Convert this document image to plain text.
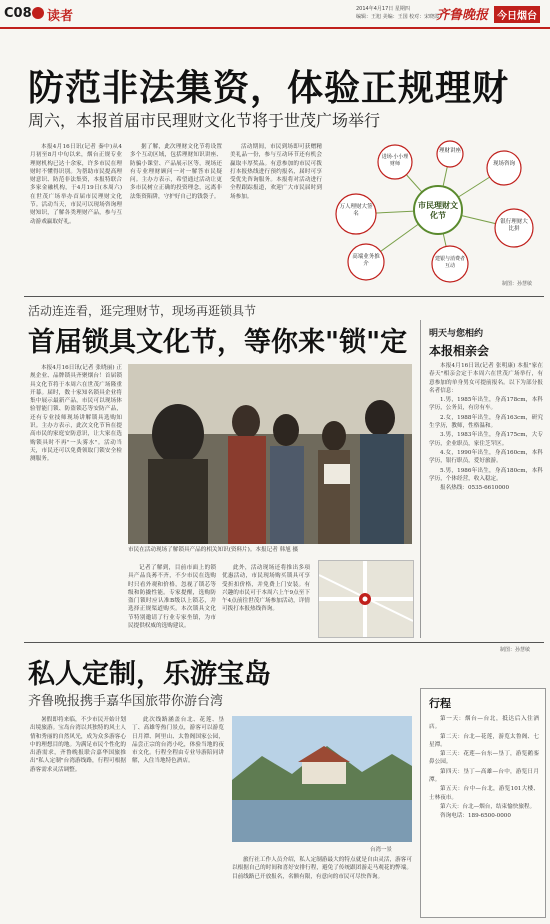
C08 读者	2014年4月17日 星期四
编辑：王旭 美编：王国 校对：宋晓霞
齐鲁晚报 今日烟台
防范非法集资，体验正规理财
周六，本报首届市民理财文化节将于世茂广场举行

本报4月16日讯(记者 秦中)从4月初至8月中旬以来，烟台正规专业理财机构已达十余家，许多市民在理财时不懂得识别。为帮助市民提高理财意识、防范非法集资，本报特联合多家金融机构，于4月19日(本周六)在世茂广场举办首届市民理财文化节。活动当天，市民可以现场咨询理财知识，了解各类理财产品，参与互动游戏赢取好礼。

据了解，此次理财文化节将设置多个互动区域，包括理财知识讲座、防骗小课堂、产品展示区等，现场还有专业理财顾问一对一解答市民疑问。主办方表示，希望通过活动让更多市民树立正确的投资理念，远离非法集资陷阱，守护好自己的钱袋子。

活动期间，市民到场即可获赠精美礼品一份，参与互动环节还有机会赢取丰厚奖品。有意参加的市民可拨打本报热线进行预约报名，届时可享受优先咨询服务。本报将对活动进行全程跟踪报道，欢迎广大市民届时到场参加。

市民理财文化节
进场·小小理财师
理财讲座
现场咨询
万人理财大签名
高端业务推介
银行理财大比拼
建银与消费者互动
制图：孙慧敏
活动连连看，逛完理财节，现场再逛锁具节
首届锁具文化节，等你来"锁"定

本报4月16日讯(记者 张晓丽) 正规企业、品牌锁具齐聚烟台！首届锁具文化节将于本周六在世茂广场隆重开幕。届时，数十家知名锁具企业将集中展示最新产品，市民可以现场体验智能门锁、防盗锁芯等安防产品，还有专业技师现场讲解锁具选购知识。主办方表示，此次文化节旨在提高市民的家庭安防意识，让大家在选购锁具时不再"一头雾水"。活动当天，市民还可以免费领取门锁安全检测服务。

市民在活动现场了解锁具产品的相关知识(资料片)。本报记者 韩旭 摄

记者了解到，目前市面上的锁具产品良莠不齐，不少市民在选购时只看外观和价格，忽视了锁芯等级和防撬性能。专家提醒，选购防盗门锁时应认准B级以上锁芯，并选择正规渠道购买。本次锁具文化节特别邀请了行业专家坐镇，为市民提供权威的选购建议。

此外，活动现场还将推出多项优惠活动，市民现场购买锁具可享受折扣价格，并免费上门安装。有兴趣的市民可于本周六上午9点至下午4点前往世茂广场参加活动，详情可拨打本报热线咨询。

明天与您相约
本报相亲会

本报4月16日讯(记者 张明康) 本报"家在春天"相亲会定于本周六在世茂广场举行，有意参加的单身男女可提前报名。以下为部分报名者信息：

1.男，1985年出生，身高178cm，本科学历，公务员，有房有车。

2.女，1988年出生，身高163cm，研究生学历，教师，性格温和。

3.男，1983年出生，身高175cm，大专学历，企业职员，家住芝罘区。

4.女，1990年出生，身高160cm，本科学历，银行职员，爱好旅游。

5.男，1986年出生，身高180cm，本科学历，个体经营，收入稳定。

报名热线：0535-6610000

私人定制，乐游宝岛
齐鲁晚报携手嘉华国旅带你游台湾

暑假即将来临，不少市民开始计划出境旅游。宝岛台湾以其独特的风土人情和秀丽的自然风光，成为众多游客心中的理想目的地。为满足市民个性化的出游需求，齐鲁晚报联合嘉华国旅推出"私人定制"台湾游线路，行程可根据游客需求灵活调整。

此次线路涵盖台北、花莲、垦丁、高雄等热门景点，游客可以游览日月潭、阿里山、太鲁阁国家公园，品尝正宗的台湾小吃，体验当地的夜市文化。行程全程由专业导游陪同讲解，入住当地特色酒店。

台湾一景

旅行社工作人员介绍，私人定制游最大的特点就是自由灵活，游客可以根据自己的时间和喜好安排行程，避免了传统跟团游走马观花的弊端。目前线路已开放报名，名额有限，有意向的市民可尽快咨询。

制图：孙慧敏
行程

第一天：烟台—台北，抵达后入住酒店。

第二天：台北—花莲，游览太鲁阁、七星潭。

第三天：花莲—台东—垦丁，游览鹅銮鼻公园。

第四天：垦丁—高雄—台中，游览日月潭。

第五天：台中—台北，游览101大楼、士林夜市。

第六天：台北—烟台，结束愉快旅程。

咨询电话：189-6500-0000
